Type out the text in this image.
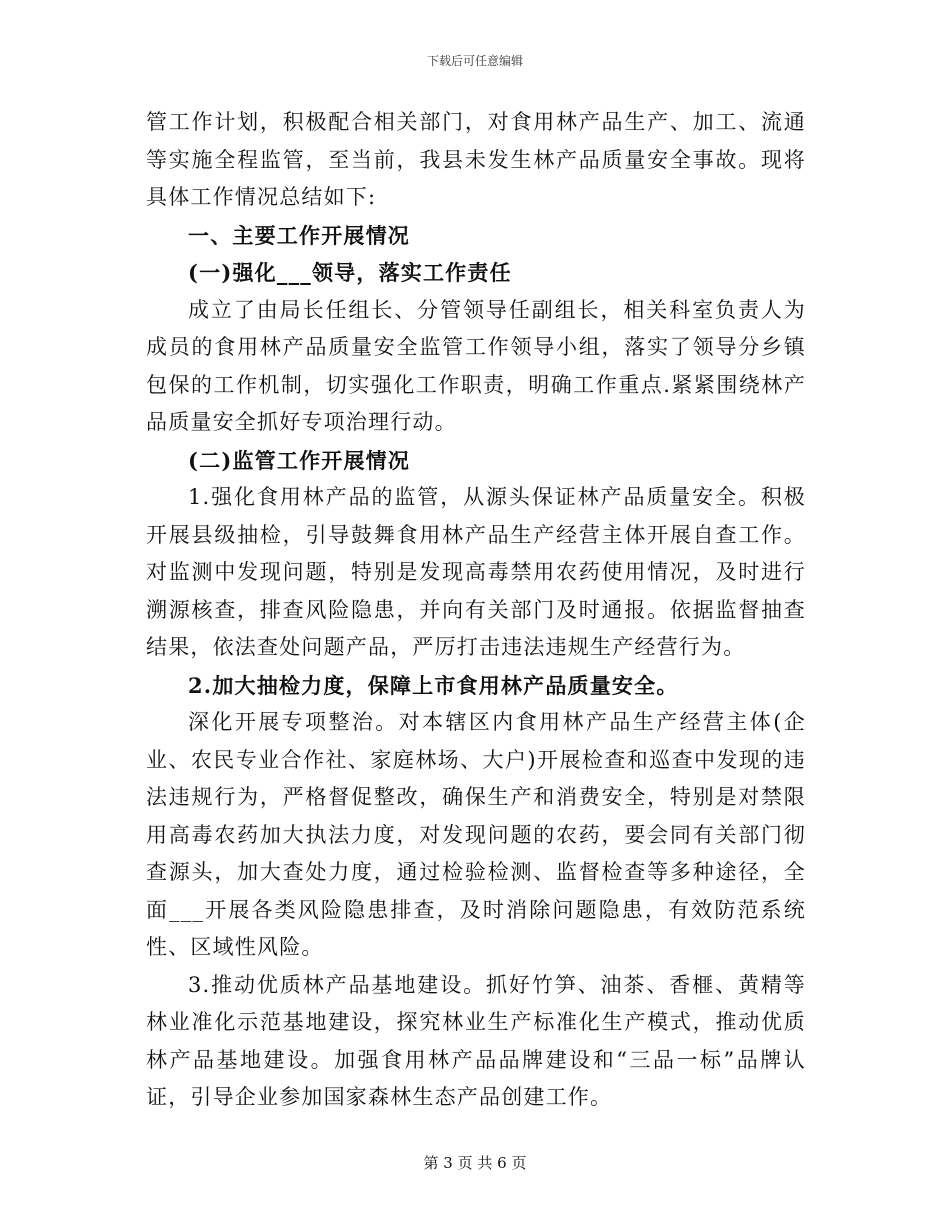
下载后可任意编辑

管工作计划，积极配合相关部门，对食用林产品生产、加工、流通等实施全程监管，至当前，我县未发生林产品质量安全事故。现将具体工作情况总结如下:

一、主要工作开展情况

(一)强化___领导，落实工作责任

成立了由局长任组长、分管领导任副组长，相关科室负责人为成员的食用林产品质量安全监管工作领导小组，落实了领导分乡镇包保的工作机制，切实强化工作职责，明确工作重点.紧紧围绕林产品质量安全抓好专项治理行动。

(二)监管工作开展情况

1.强化食用林产品的监管，从源头保证林产品质量安全。积极开展县级抽检，引导鼓舞食用林产品生产经营主体开展自查工作。对监测中发现问题，特别是发现高毒禁用农药使用情况，及时进行溯源核查，排查风险隐患，并向有关部门及时通报。依据监督抽查结果，依法查处问题产品，严厉打击违法违规生产经营行为。

2.加大抽检力度，保障上市食用林产品质量安全。

深化开展专项整治。对本辖区内食用林产品生产经营主体(企业、农民专业合作社、家庭林场、大户)开展检查和巡查中发现的违法违规行为，严格督促整改，确保生产和消费安全，特别是对禁限用高毒农药加大执法力度，对发现问题的农药，要会同有关部门彻查源头，加大查处力度，通过检验检测、监督检查等多种途径，全面___开展各类风险隐患排查，及时消除问题隐患，有效防范系统性、区域性风险。

3.推动优质林产品基地建设。抓好竹笋、油茶、香榧、黄精等林业准化示范基地建设，探究林业生产标准化生产模式，推动优质林产品基地建设。加强食用林产品品牌建设和“三品一标”品牌认证，引导企业参加国家森林生态产品创建工作。

第 3 页 共 6 页
